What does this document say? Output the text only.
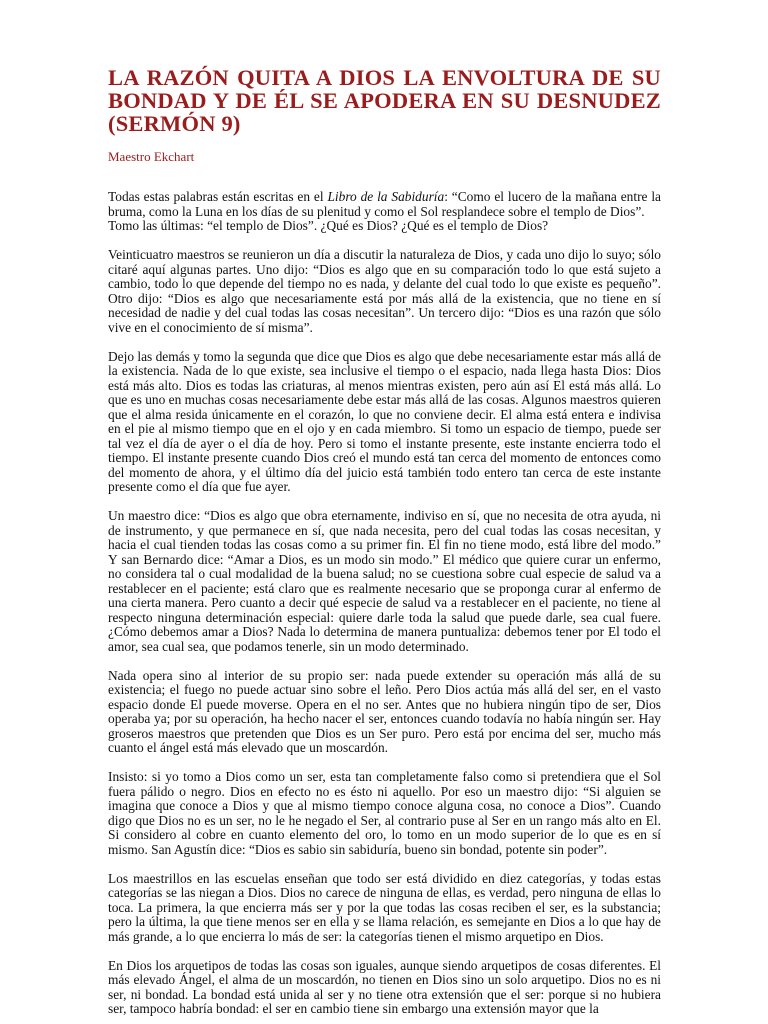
LA RAZÓN QUITA A DIOS LA ENVOLTURA DE SU BONDAD Y DE ÉL SE APODERA EN SU DESNUDEZ (SERMÓN 9)
Maestro Ekchart

Todas estas palabras están escritas en el Libro de la Sabiduría: “Como el lucero de la mañana entre la bruma, como la Luna en los días de su plenitud y como el Sol resplandece sobre el templo de Dios”.

Tomo las últimas: “el templo de Dios”. ¿Qué es Dios? ¿Qué es el templo de Dios?

Veinticuatro maestros se reunieron un día a discutir la naturaleza de Dios, y cada uno dijo lo suyo; sólo citaré aquí algunas partes. Uno dijo: “Dios es algo que en su comparación todo lo que está sujeto a cambio, todo lo que depende del tiempo no es nada, y delante del cual todo lo que existe es pequeño”. Otro dijo: “Dios es algo que necesariamente está por más allá de la existencia, que no tiene en sí necesidad de nadie y del cual todas las cosas necesitan”. Un tercero dijo: “Dios es una razón que sólo vive en el conocimiento de sí misma”.

Dejo las demás y tomo la segunda que dice que Dios es algo que debe necesariamente estar más allá de la existencia. Nada de lo que existe, sea inclusive el tiempo o el espacio, nada llega hasta Dios: Dios está más alto. Dios es todas las criaturas, al menos mientras existen, pero aún así El está más allá. Lo que es uno en muchas cosas necesariamente debe estar más allá de las cosas. Algunos maestros quieren que el alma resida únicamente en el corazón, lo que no conviene decir. El alma está entera e indivisa en el pie al mismo tiempo que en el ojo y en cada miembro. Si tomo un espacio de tiempo, puede ser tal vez el día de ayer o el día de hoy. Pero si tomo el instante presente, este instante encierra todo el tiempo. El instante presente cuando Dios creó el mundo está tan cerca del momento de entonces como del momento de ahora, y el último día del juicio está también todo entero tan cerca de este instante presente como el día que fue ayer.

Un maestro dice: “Dios es algo que obra eternamente, indiviso en sí, que no necesita de otra ayuda, ni de instrumento, y que permanece en sí, que nada necesita, pero del cual todas las cosas necesitan, y hacia el cual tienden todas las cosas como a su primer fin. El fin no tiene modo, está libre del modo.” Y san Bernardo dice: “Amar a Dios, es un modo sin modo.” El médico que quiere curar un enfermo, no considera tal o cual modalidad de la buena salud; no se cuestiona sobre cual especie de salud va a restablecer en el paciente; está claro que es realmente necesario que se proponga curar al enfermo de una cierta manera. Pero cuanto a decir qué especie de salud va a restablecer en el paciente, no tiene al respecto ninguna determinación especial: quiere darle toda la salud que puede darle, sea cual fuere. ¿Cómo debemos amar a Dios? Nada lo determina de manera puntualiza: debemos tener por El todo el amor, sea cual sea, que podamos tenerle, sin un modo determinado.

Nada opera sino al interior de su propio ser: nada puede extender su operación más allá de su existencia; el fuego no puede actuar sino sobre el leño. Pero Dios actúa más allá del ser, en el vasto espacio donde El puede moverse. Opera en el no ser. Antes que no hubiera ningún tipo de ser, Dios operaba ya; por su operación, ha hecho nacer el ser, entonces cuando todavía no había ningún ser. Hay groseros maestros que pretenden que Dios es un Ser puro. Pero está por encima del ser, mucho más cuanto el ángel está más elevado que un moscardón.

Insisto: si yo tomo a Dios como un ser, esta tan completamente falso como si pretendiera que el Sol fuera pálido o negro. Dios en efecto no es ésto ni aquello. Por eso un maestro dijo: “Si alguien se imagina que conoce a Dios y que al mismo tiempo conoce alguna cosa, no conoce a Dios”. Cuando digo que Dios no es un ser, no le he negado el Ser, al contrario puse al Ser en un rango más alto en El. Si considero al cobre en cuanto elemento del oro, lo tomo en un modo superior de lo que es en sí mismo. San Agustín dice: “Dios es sabio sin sabiduría, bueno sin bondad, potente sin poder”.

Los maestrillos en las escuelas enseñan que todo ser está dividido en diez categorías, y todas estas categorías se las niegan a Dios. Dios no carece de ninguna de ellas, es verdad, pero ninguna de ellas lo toca. La primera, la que encierra más ser y por la que todas las cosas reciben el ser, es la substancia; pero la última, la que tiene menos ser en ella y se llama relación, es semejante en Dios a lo que hay de más grande, a lo que encierra lo más de ser: la categorías tienen el mismo arquetipo en Dios.

En Dios los arquetipos de todas las cosas son iguales, aunque siendo arquetipos de cosas diferentes. El más elevado Ángel, el alma de un moscardón, no tienen en Dios sino un solo arquetipo. Dios no es ni ser, ni bondad. La bondad está unida al ser y no tiene otra extensión que el ser: porque si no hubiera ser, tampoco habría bondad: el ser en cambio tiene sin embargo una extensión mayor que la
